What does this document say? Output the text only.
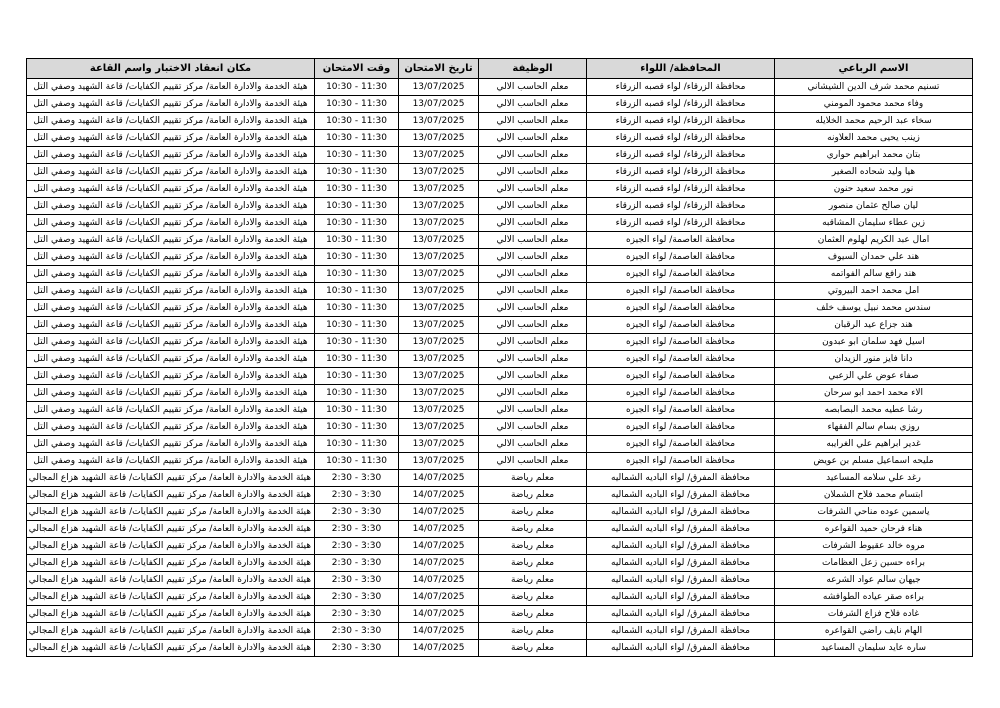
الاسم الرباعي	المحافظة/ اللواء	الوظيفة	تاريخ الامتحان	وقت الامتحان	مكان انعقاد الاختبار واسم القاعة
تسنيم محمد شرف الدين الشيشاني	محافظة الزرقاء/ لواء قصبه الزرقاء	معلم الحاسب الالي	13/07/2025	10:30 - 11:30	هيئة الخدمة والادارة العامة/ مركز تقييم الكفايات/ قاعة الشهيد وصفي التل
وفاء محمد محمود المومني	محافظة الزرقاء/ لواء قصبه الزرقاء	معلم الحاسب الالي	13/07/2025	10:30 - 11:30	هيئة الخدمة والادارة العامة/ مركز تقييم الكفايات/ قاعة الشهيد وصفي التل
سخاء عبد الرحيم محمد الخلايله	محافظة الزرقاء/ لواء قصبه الزرقاء	معلم الحاسب الالي	13/07/2025	10:30 - 11:30	هيئة الخدمة والادارة العامة/ مركز تقييم الكفايات/ قاعة الشهيد وصفي التل
زينب يحيى محمد العلاونه	محافظة الزرقاء/ لواء قصبه الزرقاء	معلم الحاسب الالي	13/07/2025	10:30 - 11:30	هيئة الخدمة والادارة العامة/ مركز تقييم الكفايات/ قاعة الشهيد وصفي التل
بتان محمد ابراهيم حواري	محافظة الزرقاء/ لواء قصبه الزرقاء	معلم الحاسب الالي	13/07/2025	10:30 - 11:30	هيئة الخدمة والادارة العامة/ مركز تقييم الكفايات/ قاعة الشهيد وصفي التل
هيا وليد شحاده الصغير	محافظة الزرقاء/ لواء قصبه الزرقاء	معلم الحاسب الالي	13/07/2025	10:30 - 11:30	هيئة الخدمة والادارة العامة/ مركز تقييم الكفايات/ قاعة الشهيد وصفي التل
نور محمد سعيد حنون	محافظة الزرقاء/ لواء قصبه الزرقاء	معلم الحاسب الالي	13/07/2025	10:30 - 11:30	هيئة الخدمة والادارة العامة/ مركز تقييم الكفايات/ قاعة الشهيد وصفي التل
ليان صالح عثمان منصور	محافظة الزرقاء/ لواء قصبه الزرقاء	معلم الحاسب الالي	13/07/2025	10:30 - 11:30	هيئة الخدمة والادارة العامة/ مركز تقييم الكفايات/ قاعة الشهيد وصفي التل
زين عطاء سليمان المشاقبه	محافظة الزرقاء/ لواء قصبه الزرقاء	معلم الحاسب الالي	13/07/2025	10:30 - 11:30	هيئة الخدمة والادارة العامة/ مركز تقييم الكفايات/ قاعة الشهيد وصفي التل
امال عبد الكريم لهلوم العثمان	محافظة العاصمة/ لواء الجيزه	معلم الحاسب الالي	13/07/2025	10:30 - 11:30	هيئة الخدمة والادارة العامة/ مركز تقييم الكفايات/ قاعة الشهيد وصفي التل
هند علي حمدان السيوف	محافظة العاصمة/ لواء الجيزه	معلم الحاسب الالي	13/07/2025	10:30 - 11:30	هيئة الخدمة والادارة العامة/ مركز تقييم الكفايات/ قاعة الشهيد وصفي التل
هند رافع سالم الفواتمه	محافظة العاصمة/ لواء الجيزه	معلم الحاسب الالي	13/07/2025	10:30 - 11:30	هيئة الخدمة والادارة العامة/ مركز تقييم الكفايات/ قاعة الشهيد وصفي التل
امل محمد احمد البيروتي	محافظة العاصمة/ لواء الجيزه	معلم الحاسب الالي	13/07/2025	10:30 - 11:30	هيئة الخدمة والادارة العامة/ مركز تقييم الكفايات/ قاعة الشهيد وصفي التل
سندس محمد نبيل يوسف خلف	محافظة العاصمة/ لواء الجيزه	معلم الحاسب الالي	13/07/2025	10:30 - 11:30	هيئة الخدمة والادارة العامة/ مركز تقييم الكفايات/ قاعة الشهيد وصفي التل
هند جزاع عيد الرقبان	محافظة العاصمة/ لواء الجيزه	معلم الحاسب الالي	13/07/2025	10:30 - 11:30	هيئة الخدمة والادارة العامة/ مركز تقييم الكفايات/ قاعة الشهيد وصفي التل
اسيل فهد سلمان ابو عبدون	محافظة العاصمة/ لواء الجيزه	معلم الحاسب الالي	13/07/2025	10:30 - 11:30	هيئة الخدمة والادارة العامة/ مركز تقييم الكفايات/ قاعة الشهيد وصفي التل
دانا فايز منور الزيدان	محافظة العاصمة/ لواء الجيزه	معلم الحاسب الالي	13/07/2025	10:30 - 11:30	هيئة الخدمة والادارة العامة/ مركز تقييم الكفايات/ قاعة الشهيد وصفي التل
صفاء عوض علي الزعبي	محافظة العاصمة/ لواء الجيزه	معلم الحاسب الالي	13/07/2025	10:30 - 11:30	هيئة الخدمة والادارة العامة/ مركز تقييم الكفايات/ قاعة الشهيد وصفي التل
الاء محمد احمد ابو سرحان	محافظة العاصمة/ لواء الجيزه	معلم الحاسب الالي	13/07/2025	10:30 - 11:30	هيئة الخدمة والادارة العامة/ مركز تقييم الكفايات/ قاعة الشهيد وصفي التل
رشا عطيه محمد البصابصه	محافظة العاصمة/ لواء الجيزه	معلم الحاسب الالي	13/07/2025	10:30 - 11:30	هيئة الخدمة والادارة العامة/ مركز تقييم الكفايات/ قاعة الشهيد وصفي التل
روزي بسام سالم الفقهاء	محافظة العاصمة/ لواء الجيزه	معلم الحاسب الالي	13/07/2025	10:30 - 11:30	هيئة الخدمة والادارة العامة/ مركز تقييم الكفايات/ قاعة الشهيد وصفي التل
غدير ابراهيم علي الغرايبه	محافظة العاصمة/ لواء الجيزه	معلم الحاسب الالي	13/07/2025	10:30 - 11:30	هيئة الخدمة والادارة العامة/ مركز تقييم الكفايات/ قاعة الشهيد وصفي التل
مليحه اسماعيل مسلم بن عويض	محافظة العاصمة/ لواء الجيزه	معلم الحاسب الالي	13/07/2025	10:30 - 11:30	هيئة الخدمة والادارة العامة/ مركز تقييم الكفايات/ قاعة الشهيد وصفي التل
رغد علي سلامه المساعيد	محافظة المفرق/ لواء الباديه الشماليه	معلم رياضة	14/07/2025	2:30 - 3:30	هيئة الخدمة والادارة العامة/ مركز تقييم الكفايات/ قاعة الشهيد هزاع المجالي
ابتسام محمد فلاح الشملان	محافظة المفرق/ لواء الباديه الشماليه	معلم رياضة	14/07/2025	2:30 - 3:30	هيئة الخدمة والادارة العامة/ مركز تقييم الكفايات/ قاعة الشهيد هزاع المجالي
ياسمين عوده مناحي الشرفات	محافظة المفرق/ لواء الباديه الشماليه	معلم رياضة	14/07/2025	2:30 - 3:30	هيئة الخدمة والادارة العامة/ مركز تقييم الكفايات/ قاعة الشهيد هزاع المجالي
هناء فرحان حميد القواعره	محافظة المفرق/ لواء الباديه الشماليه	معلم رياضة	14/07/2025	2:30 - 3:30	هيئة الخدمة والادارة العامة/ مركز تقييم الكفايات/ قاعة الشهيد هزاع المجالي
مروه خالد عقيوط الشرفات	محافظة المفرق/ لواء الباديه الشماليه	معلم رياضة	14/07/2025	2:30 - 3:30	هيئة الخدمة والادارة العامة/ مركز تقييم الكفايات/ قاعة الشهيد هزاع المجالي
براءه حسين زعل العظامات	محافظة المفرق/ لواء الباديه الشماليه	معلم رياضة	14/07/2025	2:30 - 3:30	هيئة الخدمة والادارة العامة/ مركز تقييم الكفايات/ قاعة الشهيد هزاع المجالي
جيهان سالم عواد الشرعه	محافظة المفرق/ لواء الباديه الشماليه	معلم رياضة	14/07/2025	2:30 - 3:30	هيئة الخدمة والادارة العامة/ مركز تقييم الكفايات/ قاعة الشهيد هزاع المجالي
براءه صقر عياده الطوافشه	محافظة المفرق/ لواء الباديه الشماليه	معلم رياضة	14/07/2025	2:30 - 3:30	هيئة الخدمة والادارة العامة/ مركز تقييم الكفايات/ قاعة الشهيد هزاع المجالي
غاده فلاح فزاع الشرفات	محافظة المفرق/ لواء الباديه الشماليه	معلم رياضة	14/07/2025	2:30 - 3:30	هيئة الخدمة والادارة العامة/ مركز تقييم الكفايات/ قاعة الشهيد هزاع المجالي
الهام نايف راضي القواعره	محافظة المفرق/ لواء الباديه الشماليه	معلم رياضة	14/07/2025	2:30 - 3:30	هيئة الخدمة والادارة العامة/ مركز تقييم الكفايات/ قاعة الشهيد هزاع المجالي
ساره عايد سليمان المساعيد	محافظة المفرق/ لواء الباديه الشماليه	معلم رياضة	14/07/2025	2:30 - 3:30	هيئة الخدمة والادارة العامة/ مركز تقييم الكفايات/ قاعة الشهيد هزاع المجالي
